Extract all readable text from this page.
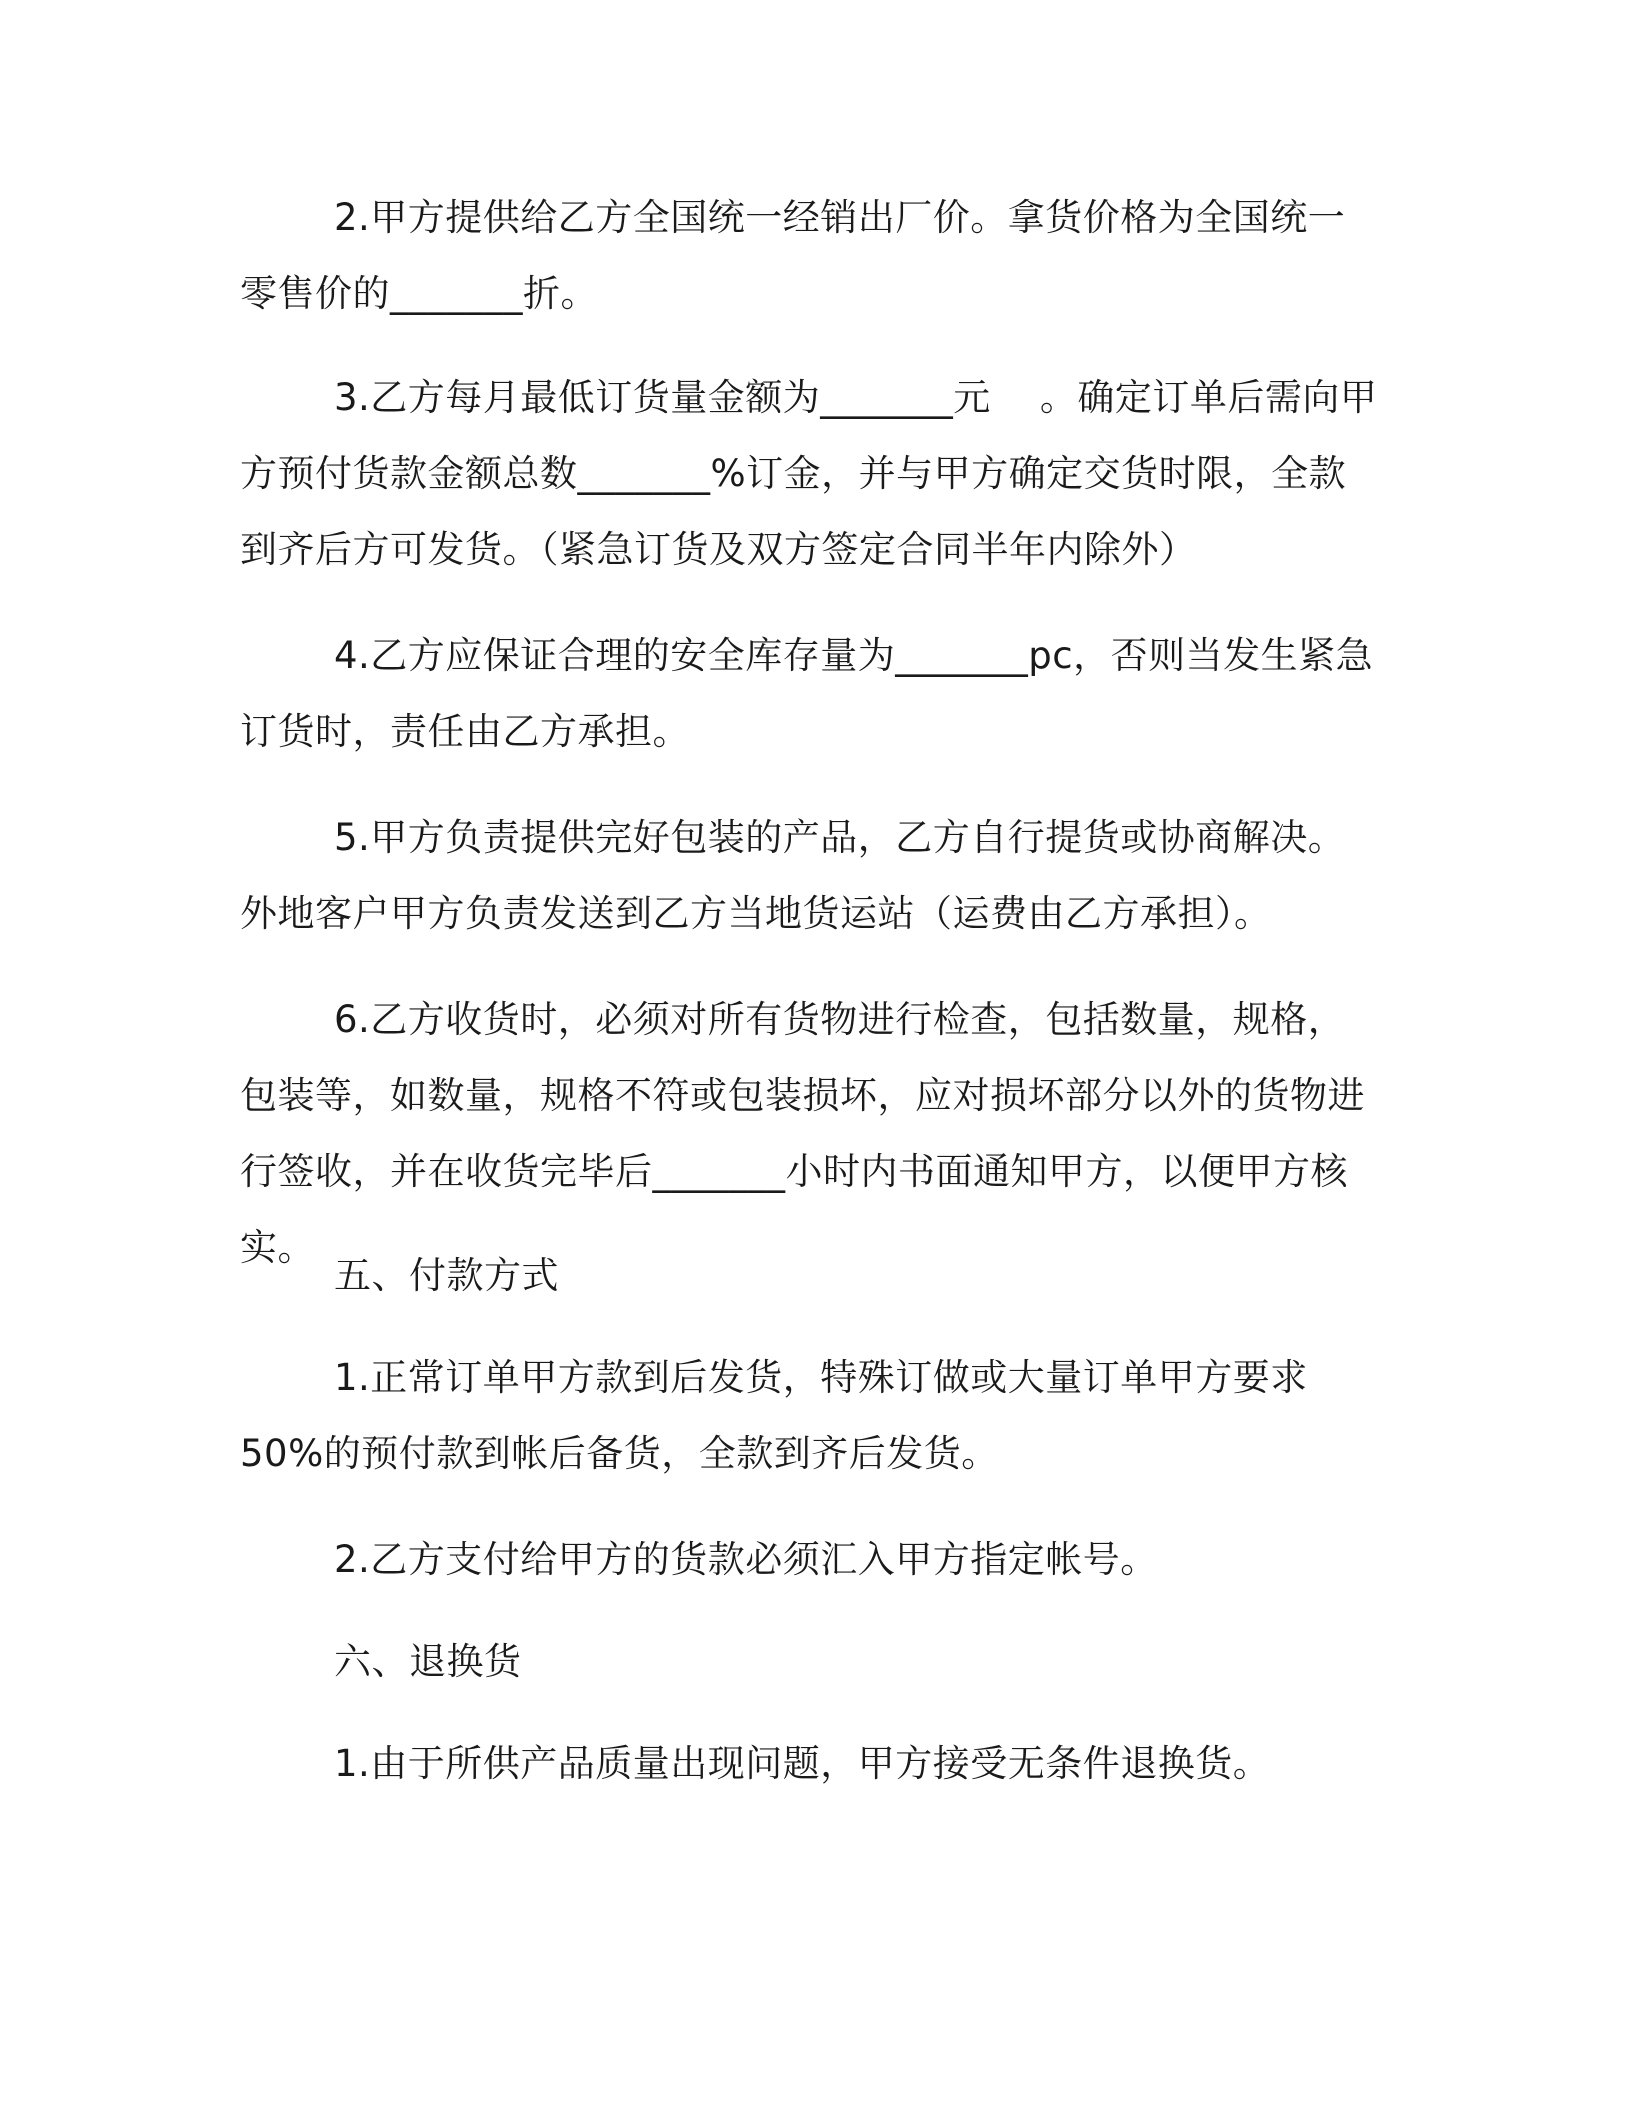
2.甲方提供给乙方全国统一经销出厂价。拿货价格为全国统一零售价的_______折。

3.乙方每月最低订货量金额为_______元    。确定订单后需向甲方预付货款金额总数_______%订金，并与甲方确定交货时限，全款到齐后方可发货。（紧急订货及双方签定合同半年内除外）

4.乙方应保证合理的安全库存量为_______pc，否则当发生紧急订货时，责任由乙方承担。

5.甲方负责提供完好包装的产品，乙方自行提货或协商解决。外地客户甲方负责发送到乙方当地货运站（运费由乙方承担）。

6.乙方收货时，必须对所有货物进行检查，包括数量，规格，包装等，如数量，规格不符或包装损坏，应对损坏部分以外的货物进行签收，并在收货完毕后_______小时内书面通知甲方，以便甲方核实。

五、付款方式

1.正常订单甲方款到后发货，特殊订做或大量订单甲方要求 50%的预付款到帐后备货，全款到齐后发货。

2.乙方支付给甲方的货款必须汇入甲方指定帐号。

六、退换货

1.由于所供产品质量出现问题，甲方接受无条件退换货。
